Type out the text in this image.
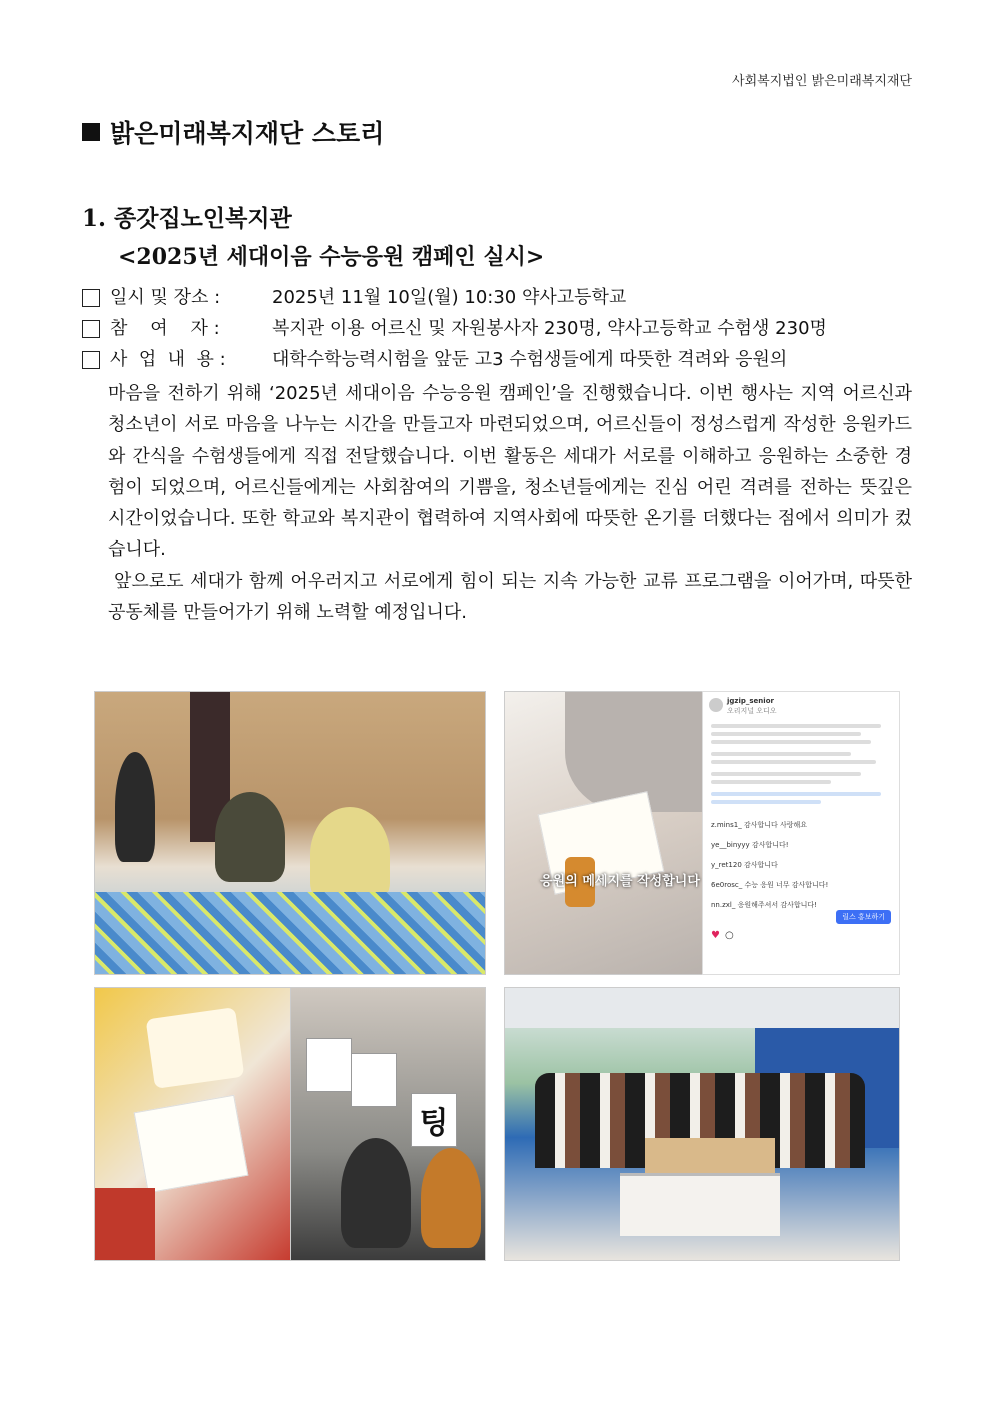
사회복지법인 밝은미래복지재단
밝은미래복지재단 스토리
1. 종갓집노인복지관
<2025년 세대이음 수능응원 캠페인 실시>
일시 및 장소 :	2025년 11월 10일(월) 10:30 약사고등학교
참    여    자 :	복지관 이용 어르신 및 자원봉사자 230명, 약사고등학교 수험생 230명
사  업  내  용 :	대학수학능력시험을 앞둔 고3 수험생들에게 따뜻한 격려와 응원의

마음을 전하기 위해 ‘2025년 세대이음 수능응원 캠페인’을 진행했습니다. 이번 행사는 지역 어르신과 청소년이 서로 마음을 나누는 시간을 만들고자 마련되었으며, 어르신들이 정성스럽게 작성한 응원카드와 간식을 수험생들에게 직접 전달했습니다. 이번 활동은 세대가 서로를 이해하고 응원하는 소중한 경험이 되었으며, 어르신들에게는 사회참여의 기쁨을, 청소년들에게는 진심 어린 격려를 전하는 뜻깊은 시간이었습니다. 또한 학교와 복지관이 협력하여 지역사회에 따뜻한 온기를 더했다는 점에서 의미가 컸습니다.

앞으로도 세대가 함께 어우러지고 서로에게 힘이 되는 지속 가능한 교류 프로그램을 이어가며, 따뜻한 공동체를 만들어가기 위해 노력할 예정입니다.

응원의 메세지를 작성합니다
jgzip_senior
오리지널 오디오
z.mins1_ 감사합니다 사랑해요
ye__binyyy 감사합니다!
y_ret120 감사합니다
6e0rosc_ 수능 응원 너무 감사합니다!
nn.zxl_ 응원해주셔서 감사합니다!
릴스 홍보하기
♥ ○
팅
